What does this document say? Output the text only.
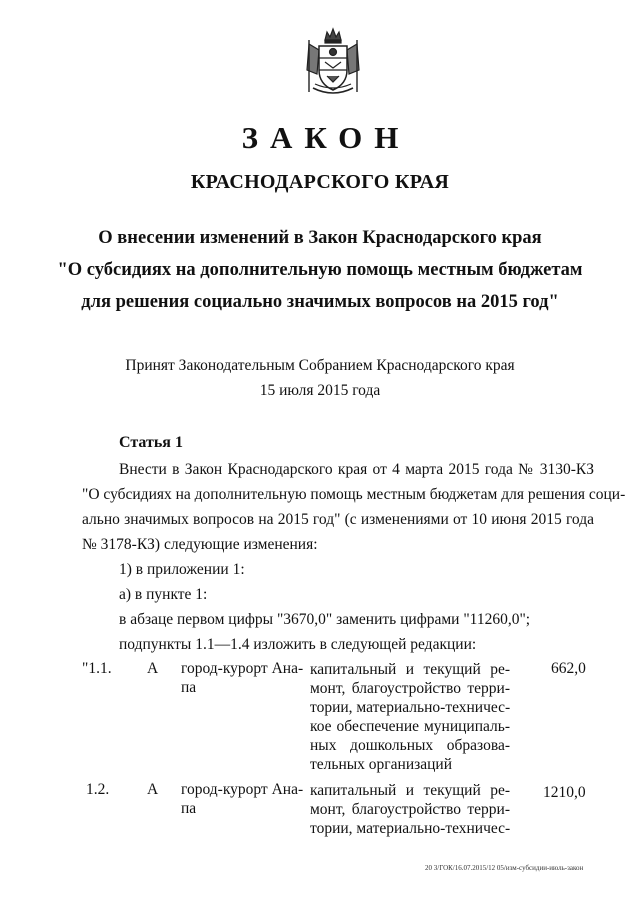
ЗАКОН
КРАСНОДАРСКОГО КРАЯ
О внесении изменений в Закон Краснодарского края
"О субсидиях на дополнительную помощь местным бюджетам
для решения социально значимых вопросов на 2015 год"
Принят Законодательным Собранием Краснодарского края
15 июля 2015 года
Статья 1
Внести в Закон Краснодарского края от 4 марта 2015 года № 3130-КЗ
"О субсидиях на дополнительную помощь местным бюджетам для решения соци-
ально значимых вопросов на 2015 год" (с изменениями от 10 июня 2015 года
№ 3178-КЗ) следующие изменения:
1) в приложении 1:
а) в пункте 1:
в абзаце первом цифры "3670,0" заменить цифрами "11260,0";
подпункты 1.1—1.4 изложить в следующей редакции:
"1.1. А город-курорт Ана-
па
капитальный и текущий ре-
монт, благоустройство терри-
тории, материально-техничес-
кое обеспечение муниципаль-
ных дошкольных образова-
тельных организаций
662,0
1.2. А город-курорт Ана-
па
капитальный и текущий ре-
монт, благоустройство терри-
тории, материально-техничес-
1210,0
20 3/ГОК/16.07.2015/12 05/изм-субсидии-июль-закон
